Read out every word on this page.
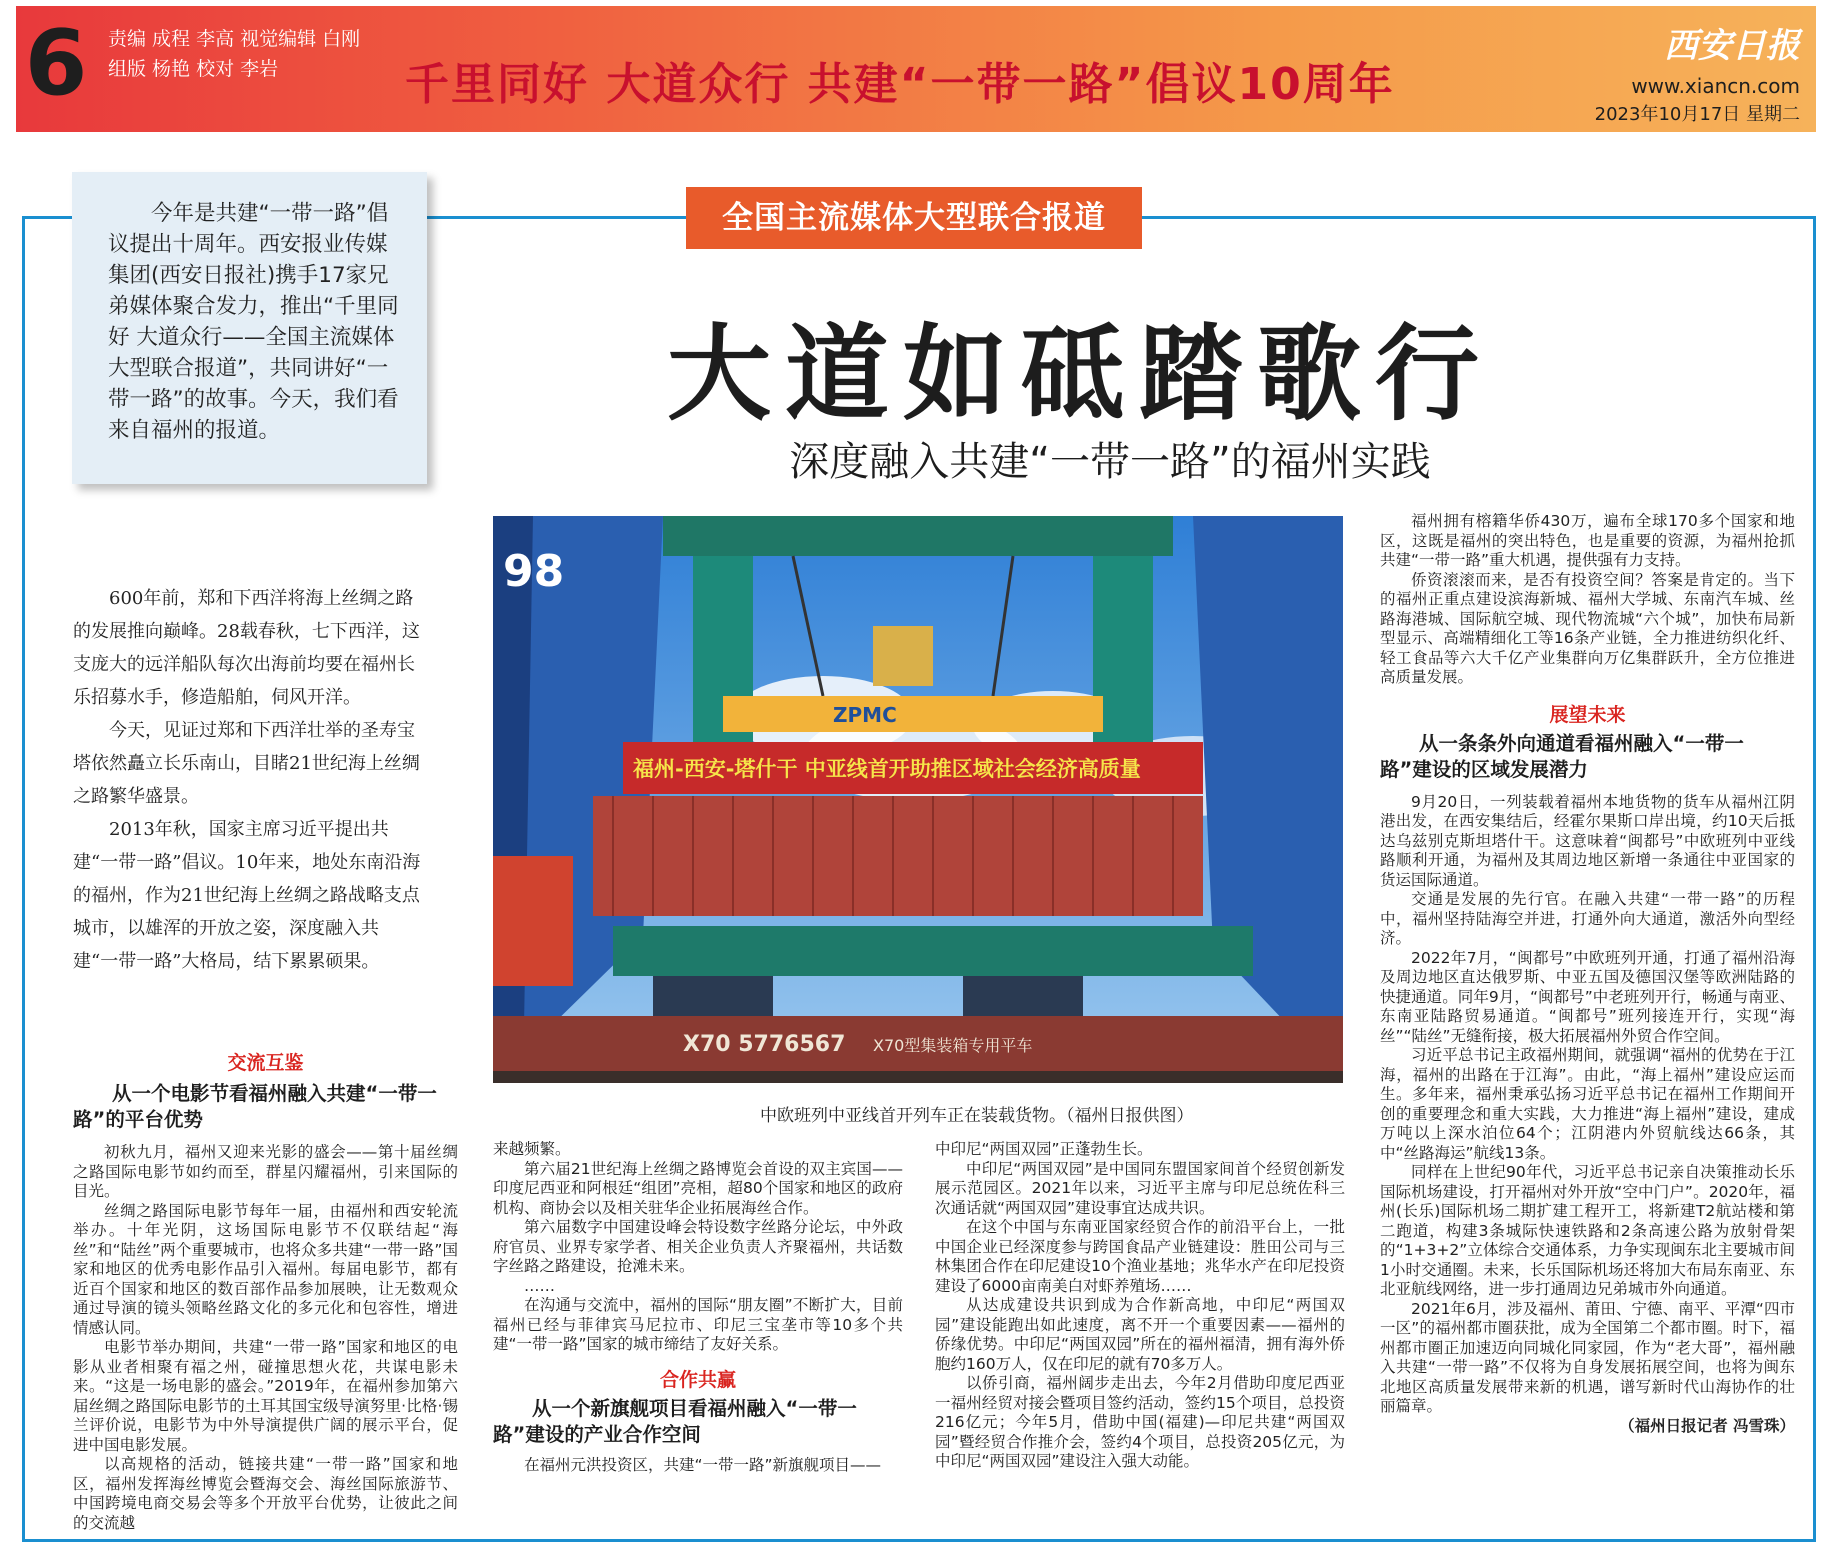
6	责编 成程 李高 视觉编辑 白刚
组版 杨艳 校对 李岩	千里同好 大道众行 共建“一带一路”倡议10周年
西安日报
www.xiancn.com
2023年10月17日 星期二
今年是共建“一带一路”倡议提出十周年。西安报业传媒集团(西安日报社)携手17家兄弟媒体聚合发力，推出“千里同好 大道众行——全国主流媒体大型联合报道”，共同讲好“一带一路”的故事。今天，我们看来自福州的报道。
全国主流媒体大型联合报道
大道如砥踏歌行
深度融入共建“一带一路”的福州实践
98
ZPMC
福州-西安-塔什干 中亚线首开助推区域社会经济高质量
X70 5776567 X70型集装箱专用平车
中欧班列中亚线首开列车正在装载货物。（福州日报供图）

600年前，郑和下西洋将海上丝绸之路的发展推向巅峰。28载春秋，七下西洋，这支庞大的远洋船队每次出海前均要在福州长乐招募水手，修造船舶，伺风开洋。

今天，见证过郑和下西洋壮举的圣寿宝塔依然矗立长乐南山，目睹21世纪海上丝绸之路繁华盛景。

2013年秋，国家主席习近平提出共建“一带一路”倡议。10年来，地处东南沿海的福州，作为21世纪海上丝绸之路战略支点城市，以雄浑的开放之姿，深度融入共建“一带一路”大格局，结下累累硕果。

交流互鉴
从一个电影节看福州融入共建“一带一路”的平台优势

初秋九月，福州又迎来光影的盛会——第十届丝绸之路国际电影节如约而至，群星闪耀福州，引来国际的目光。

丝绸之路国际电影节每年一届，由福州和西安轮流举办。十年光阴，这场国际电影节不仅联结起“海丝”和“陆丝”两个重要城市，也将众多共建“一带一路”国家和地区的优秀电影作品引入福州。每届电影节，都有近百个国家和地区的数百部作品参加展映，让无数观众通过导演的镜头领略丝路文化的多元化和包容性，增进情感认同。

电影节举办期间，共建“一带一路”国家和地区的电影从业者相聚有福之州，碰撞思想火花，共谋电影未来。“这是一场电影的盛会。”2019年，在福州参加第六届丝绸之路国际电影节的土耳其国宝级导演努里·比格·锡兰评价说，电影节为中外导演提供广阔的展示平台，促进中国电影发展。

以高规格的活动，链接共建“一带一路”国家和地区，福州发挥海丝博览会暨海交会、海丝国际旅游节、中国跨境电商交易会等多个开放平台优势，让彼此之间的交流越

来越频繁。

第六届21世纪海上丝绸之路博览会首设的双主宾国——印度尼西亚和阿根廷“组团”亮相，超80个国家和地区的政府机构、商协会以及相关驻华企业拓展海丝合作。

第六届数字中国建设峰会特设数字丝路分论坛，中外政府官员、业界专家学者、相关企业负责人齐聚福州，共话数字丝路之路建设，抢滩未来。

……

在沟通与交流中，福州的国际“朋友圈”不断扩大，目前福州已经与菲律宾马尼拉市、印尼三宝垄市等10多个共建“一带一路”国家的城市缔结了友好关系。

合作共赢
从一个新旗舰项目看福州融入“一带一路”建设的产业合作空间

在福州元洪投资区，共建“一带一路”新旗舰项目——

中印尼“两国双园”正蓬勃生长。

中印尼“两国双园”是中国同东盟国家间首个经贸创新发展示范园区。2021年以来，习近平主席与印尼总统佐科三次通话就“两国双园”建设事宜达成共识。

在这个中国与东南亚国家经贸合作的前沿平台上，一批中国企业已经深度参与跨国食品产业链建设：胜田公司与三林集团合作在印尼建设10个渔业基地；兆华水产在印尼投资建设了6000亩南美白对虾养殖场……

从达成建设共识到成为合作新高地，中印尼“两国双园”建设能跑出如此速度，离不开一个重要因素——福州的侨缘优势。中印尼“两国双园”所在的福州福清，拥有海外侨胞约160万人，仅在印尼的就有70多万人。

以侨引商，福州阔步走出去，今年2月借助印度尼西亚一福州经贸对接会暨项目签约活动，签约15个项目，总投资216亿元；今年5月，借助中国(福建)—印尼共建“两国双园”暨经贸合作推介会，签约4个项目，总投资205亿元，为中印尼“两国双园”建设注入强大动能。

福州拥有榕籍华侨430万，遍布全球170多个国家和地区，这既是福州的突出特色，也是重要的资源，为福州抢抓共建“一带一路”重大机遇，提供强有力支持。

侨资滚滚而来，是否有投资空间？答案是肯定的。当下的福州正重点建设滨海新城、福州大学城、东南汽车城、丝路海港城、国际航空城、现代物流城“六个城”，加快布局新型显示、高端精细化工等16条产业链，全力推进纺织化纤、轻工食品等六大千亿产业集群向万亿集群跃升，全方位推进高质量发展。

展望未来
从一条条外向通道看福州融入“一带一路”建设的区域发展潜力

9月20日，一列装载着福州本地货物的货车从福州江阴港出发，在西安集结后，经霍尔果斯口岸出境，约10天后抵达乌兹别克斯坦塔什干。这意味着“闽都号”中欧班列中亚线路顺利开通，为福州及其周边地区新增一条通往中亚国家的货运国际通道。

交通是发展的先行官。在融入共建“一带一路”的历程中，福州坚持陆海空并进，打通外向大通道，激活外向型经济。

2022年7月，“闽都号”中欧班列开通，打通了福州沿海及周边地区直达俄罗斯、中亚五国及德国汉堡等欧洲陆路的快捷通道。同年9月，“闽都号”中老班列开行，畅通与南亚、东南亚陆路贸易通道。“闽都号”班列接连开行，实现“海丝”“陆丝”无缝衔接，极大拓展福州外贸合作空间。

习近平总书记主政福州期间，就强调“福州的优势在于江海，福州的出路在于江海”。由此，“海上福州”建设应运而生。多年来，福州秉承弘扬习近平总书记在福州工作期间开创的重要理念和重大实践，大力推进“海上福州”建设，建成万吨以上深水泊位64个；江阴港内外贸航线达66条，其中“丝路海运”航线13条。

同样在上世纪90年代，习近平总书记亲自决策推动长乐国际机场建设，打开福州对外开放“空中门户”。2020年，福州(长乐)国际机场二期扩建工程开工，将新建T2航站楼和第二跑道，构建3条城际快速铁路和2条高速公路为放射骨架的“1+3+2”立体综合交通体系，力争实现闽东北主要城市间1小时交通圈。未来，长乐国际机场还将加大布局东南亚、东北亚航线网络，进一步打通周边兄弟城市外向通道。

2021年6月，涉及福州、莆田、宁德、南平、平潭“四市一区”的福州都市圈获批，成为全国第二个都市圈。时下，福州都市圈正加速迈向同城化同家园，作为“老大哥”，福州融入共建“一带一路”不仅将为自身发展拓展空间，也将为闽东北地区高质量发展带来新的机遇，谱写新时代山海协作的壮丽篇章。

（福州日报记者 冯雪珠）
